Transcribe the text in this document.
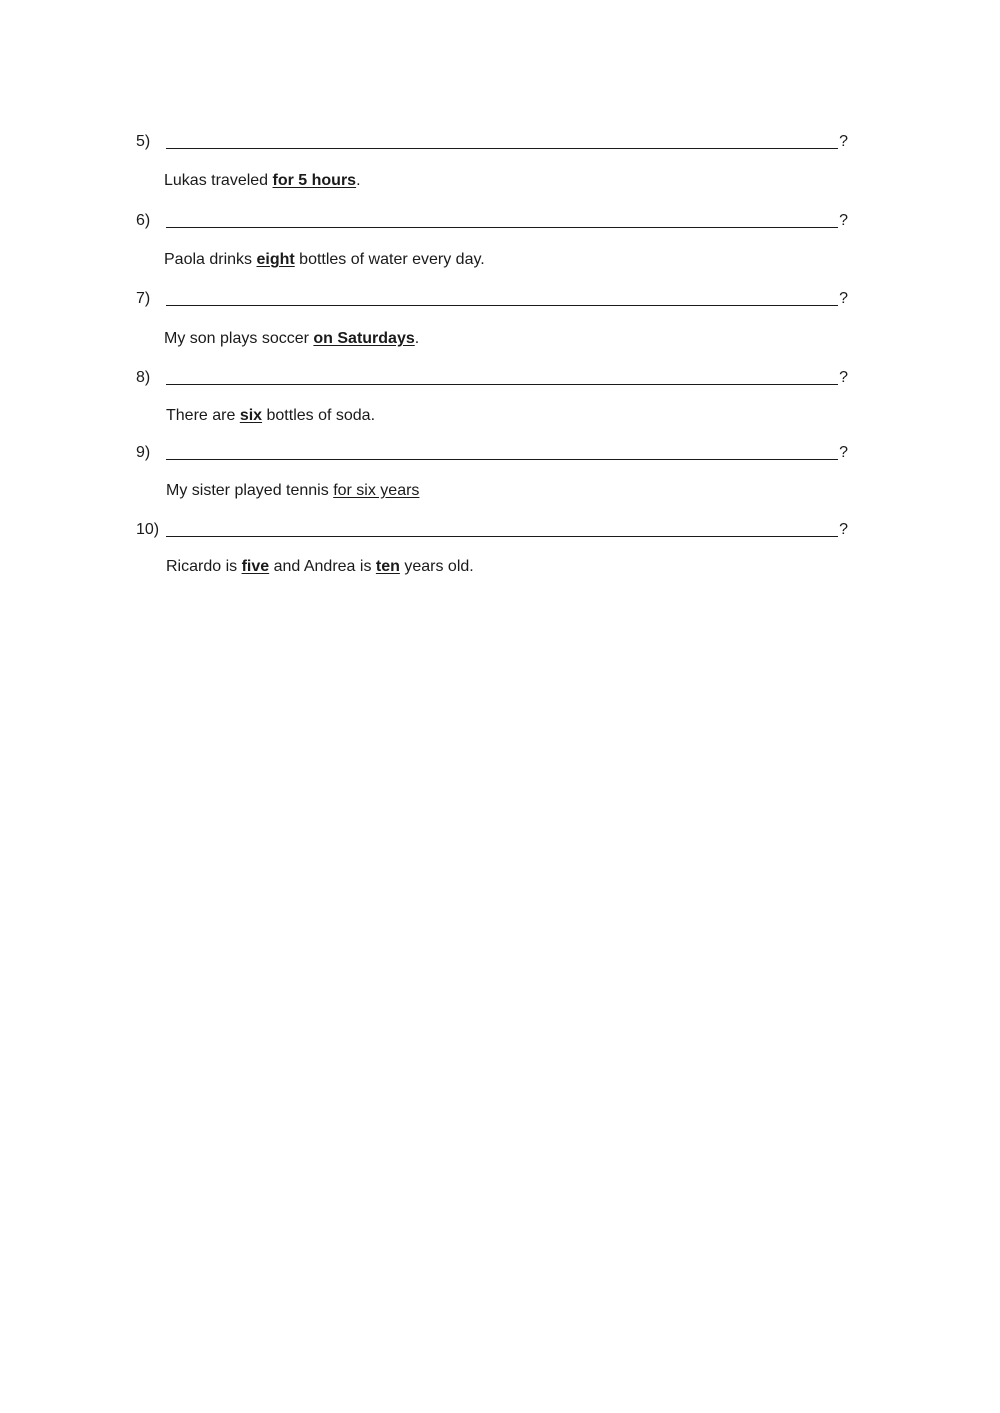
5)	?
Lukas traveled for 5 hours.
6)	?
Paola drinks eight bottles of water every day.
7)	?
My son plays soccer on Saturdays.
8)	?
There are six bottles of soda.
9)	?
My sister played tennis for six years
10)	?
Ricardo is five and Andrea is ten years old.
